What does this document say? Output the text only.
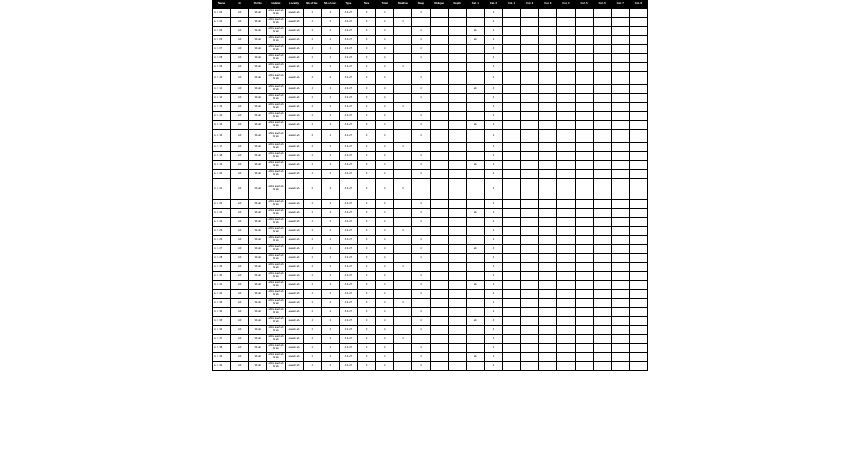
Name	Ar	Fld No	Habitat	Locality	Nb of fac.	Nb of nuc.	Type	Size	Total	Shallow	Deep	Oblique	Depth	Cat. 1	Cat. 2	Col. 1	Col. 2	Col. 3	Col. 4	Col. 5	Col. 6	Col. 7	Col. 8
A. I. 03	AF	33-ab	ahbs aaef ab bf ab	aaaeb ab	4	4	4.4-27	3	4		4				4								
A. I. 04	AF	33-ab	ahbs aaef ab bf ab	aaaeb ab	4	4	4.4-27	3	4	4					4								
A. I. 05	AF	33-ab	ahbs aaef ab bf ab	aaaeb ab	4	4	4.4-27	3	4		4			ab	4								
A. I. 06	AF	33-ab	ahbs aaef ab bf ab	aaaeb ab	4	4	4.4-27	3	4		4			ab	4								
A. I. 07	AF	33-ab	ahbs aaef ab bf ab	aaaeb ab	4	4	4.4-27	3	4		4				4								
A. I. 08	AF	33-ab	ahbs aaef ab bf ab	aaaeb ab	4	4	4.4-27	3	4		4				4								
A. I. 09	AF	33-ab	ahbs aaef ab bf ab	aaaeb ab	4	4	4.4-27	3	4	4					4								
A. I. 10	AF	33-ab	ahbs aaef ab bf ab	aaaeb ab	4	4	4.4-27	3	4		4				4								
A. I. 11	AF	33-ab	ahbs aaef ab bf ab	aaaeb ab	4	4	4.4-27	3	4		4			ab	4								
A. I. 12	AF	33-ab	ahbs aaef ab bf ab	aaaeb ab	4	4	4.4-27	3	4		4				4								
A. I. 13	AF	33-ab	ahbs aaef ab bf ab	aaaeb ab	4	4	4.4-27	3	4	4					4								
A. I. 14	AF	33-ab	ahbs aaef ab bf ab	aaaeb ab	4	4	4.4-27	3	4		4				4								
A. I. 15	AF	33-ab	ahbs aaef ab bf ab	aaaeb ab	4	4	4.4-27	3	4		4			ab	4								
A. I. 16	AF	33-ab	ahbs aaef ab bf ab	aaaeb ab	4	4	4.4-27	3	4		4				4								
A. I. 17	AF	33-ab	ahbs aaef ab bf ab	aaaeb ab	4	4	4.4-27	3	4	4					4								
A. I. 18	AF	33-ab	ahbs aaef ab bf ab	aaaeb ab	4	4	4.4-27	3	4		4				4								
A. I. 19	AF	33-ab	ahbs aaef ab bf ab	aaaeb ab	4	4	4.4-27	3	4		4			ab	4								
A. I. 20	AF	33-ab	ahbs aaef ab bf ab	aaaeb ab	4	4	4.4-27	3	4		4				4								
A. I. 21	AF	33-ab	ahbs aaef ab bf ab	aaaeb ab	4	4	4.4-27	3	4	4					4								
A. I. 22	AF	33-ab	ahbs aaef ab bf ab	aaaeb ab	4	4	4.4-27	3	4		4				4								
A. I. 23	AF	33-ab	ahbs aaef ab bf ab	aaaeb ab	4	4	4.4-27	3	4		4			ab	4								
A. I. 24	AF	33-ab	ahbs aaef ab bf ab	aaaeb ab	4	4	4.4-27	3	4		4				4								
A. I. 25	AF	33-ab	ahbs aaef ab bf ab	aaaeb ab	4	4	4.4-27	3	4	4					4								
A. I. 26	AF	33-ab	ahbs aaef ab bf ab	aaaeb ab	4	4	4.4-27	3	4		4				4								
A. I. 27	AF	33-ab	ahbs aaef ab bf ab	aaaeb ab	4	4	4.4-27	3	4		4			ab	4								
A. I. 28	AF	33-ab	ahbs aaef ab bf ab	aaaeb ab	4	4	4.4-27	3	4		4				4								
A. I. 29	AF	33-ab	ahbs aaef ab bf ab	aaaeb ab	4	4	4.4-27	3	4	4					4								
A. I. 30	AF	33-ab	ahbs aaef ab bf ab	aaaeb ab	4	4	4.4-27	3	4		4				4								
A. I. 31	AF	33-ab	ahbs aaef ab bf ab	aaaeb ab	4	4	4.4-27	3	4		4			ab	4								
A. I. 32	AF	33-ab	ahbs aaef ab bf ab	aaaeb ab	4	4	4.4-27	3	4		4				4								
A. I. 33	AF	33-ab	ahbs aaef ab bf ab	aaaeb ab	4	4	4.4-27	3	4	4					4								
A. I. 34	AF	33-ab	ahbs aaef ab bf ab	aaaeb ab	4	4	4.4-27	3	4		4				4								
A. I. 35	AF	33-ab	ahbs aaef ab bf ab	aaaeb ab	4	4	4.4-27	3	4		4			ab	4								
A. I. 36	AF	33-ab	ahbs aaef ab bf ab	aaaeb ab	4	4	4.4-27	3	4		4				4								
A. I. 37	AF	33-ab	ahbs aaef ab bf ab	aaaeb ab	4	4	4.4-27	3	4	4					4								
A. I. 38	AF	33-ab	ahbs aaef ab bf ab	aaaeb ab	4	4	4.4-27	3	4		4				4								
A. I. 39	AF	33-ab	ahbs aaef ab bf ab	aaaeb ab	4	4	4.4-27	3	4		4			ab	4								
A. I. 40	AF	33-ab	ahbs aaef ab bf ab	aaaeb ab	4	4	4.4-27	3	4		4				4								
